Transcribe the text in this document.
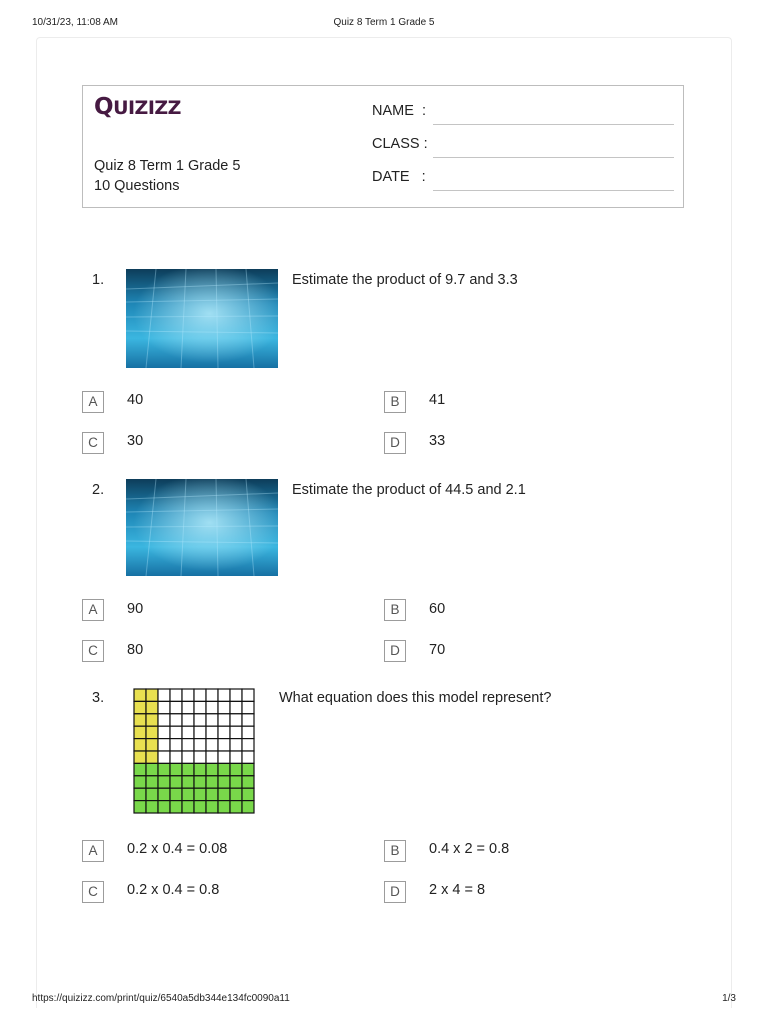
10/31/23, 11:08 AM	Quiz 8 Term 1 Grade 5
QUIZIZZ
Quiz 8 Term 1 Grade 5
10 Questions
NAME  :
CLASS :
DATE   :
1.	Estimate the product of 9.7 and 3.3
A	40	B	41
C	30	D	33
2.	Estimate the product of 44.5 and 2.1
A	90	B	60
C	80	D	70
3.	What equation does this model represent?
A	0.2 x 0.4 = 0.08	B	0.4 x 2 = 0.8
C	0.2 x 0.4 = 0.8	D	2 x 4 = 8
https://quizizz.com/print/quiz/6540a5db344e134fc0090a11	1/3
